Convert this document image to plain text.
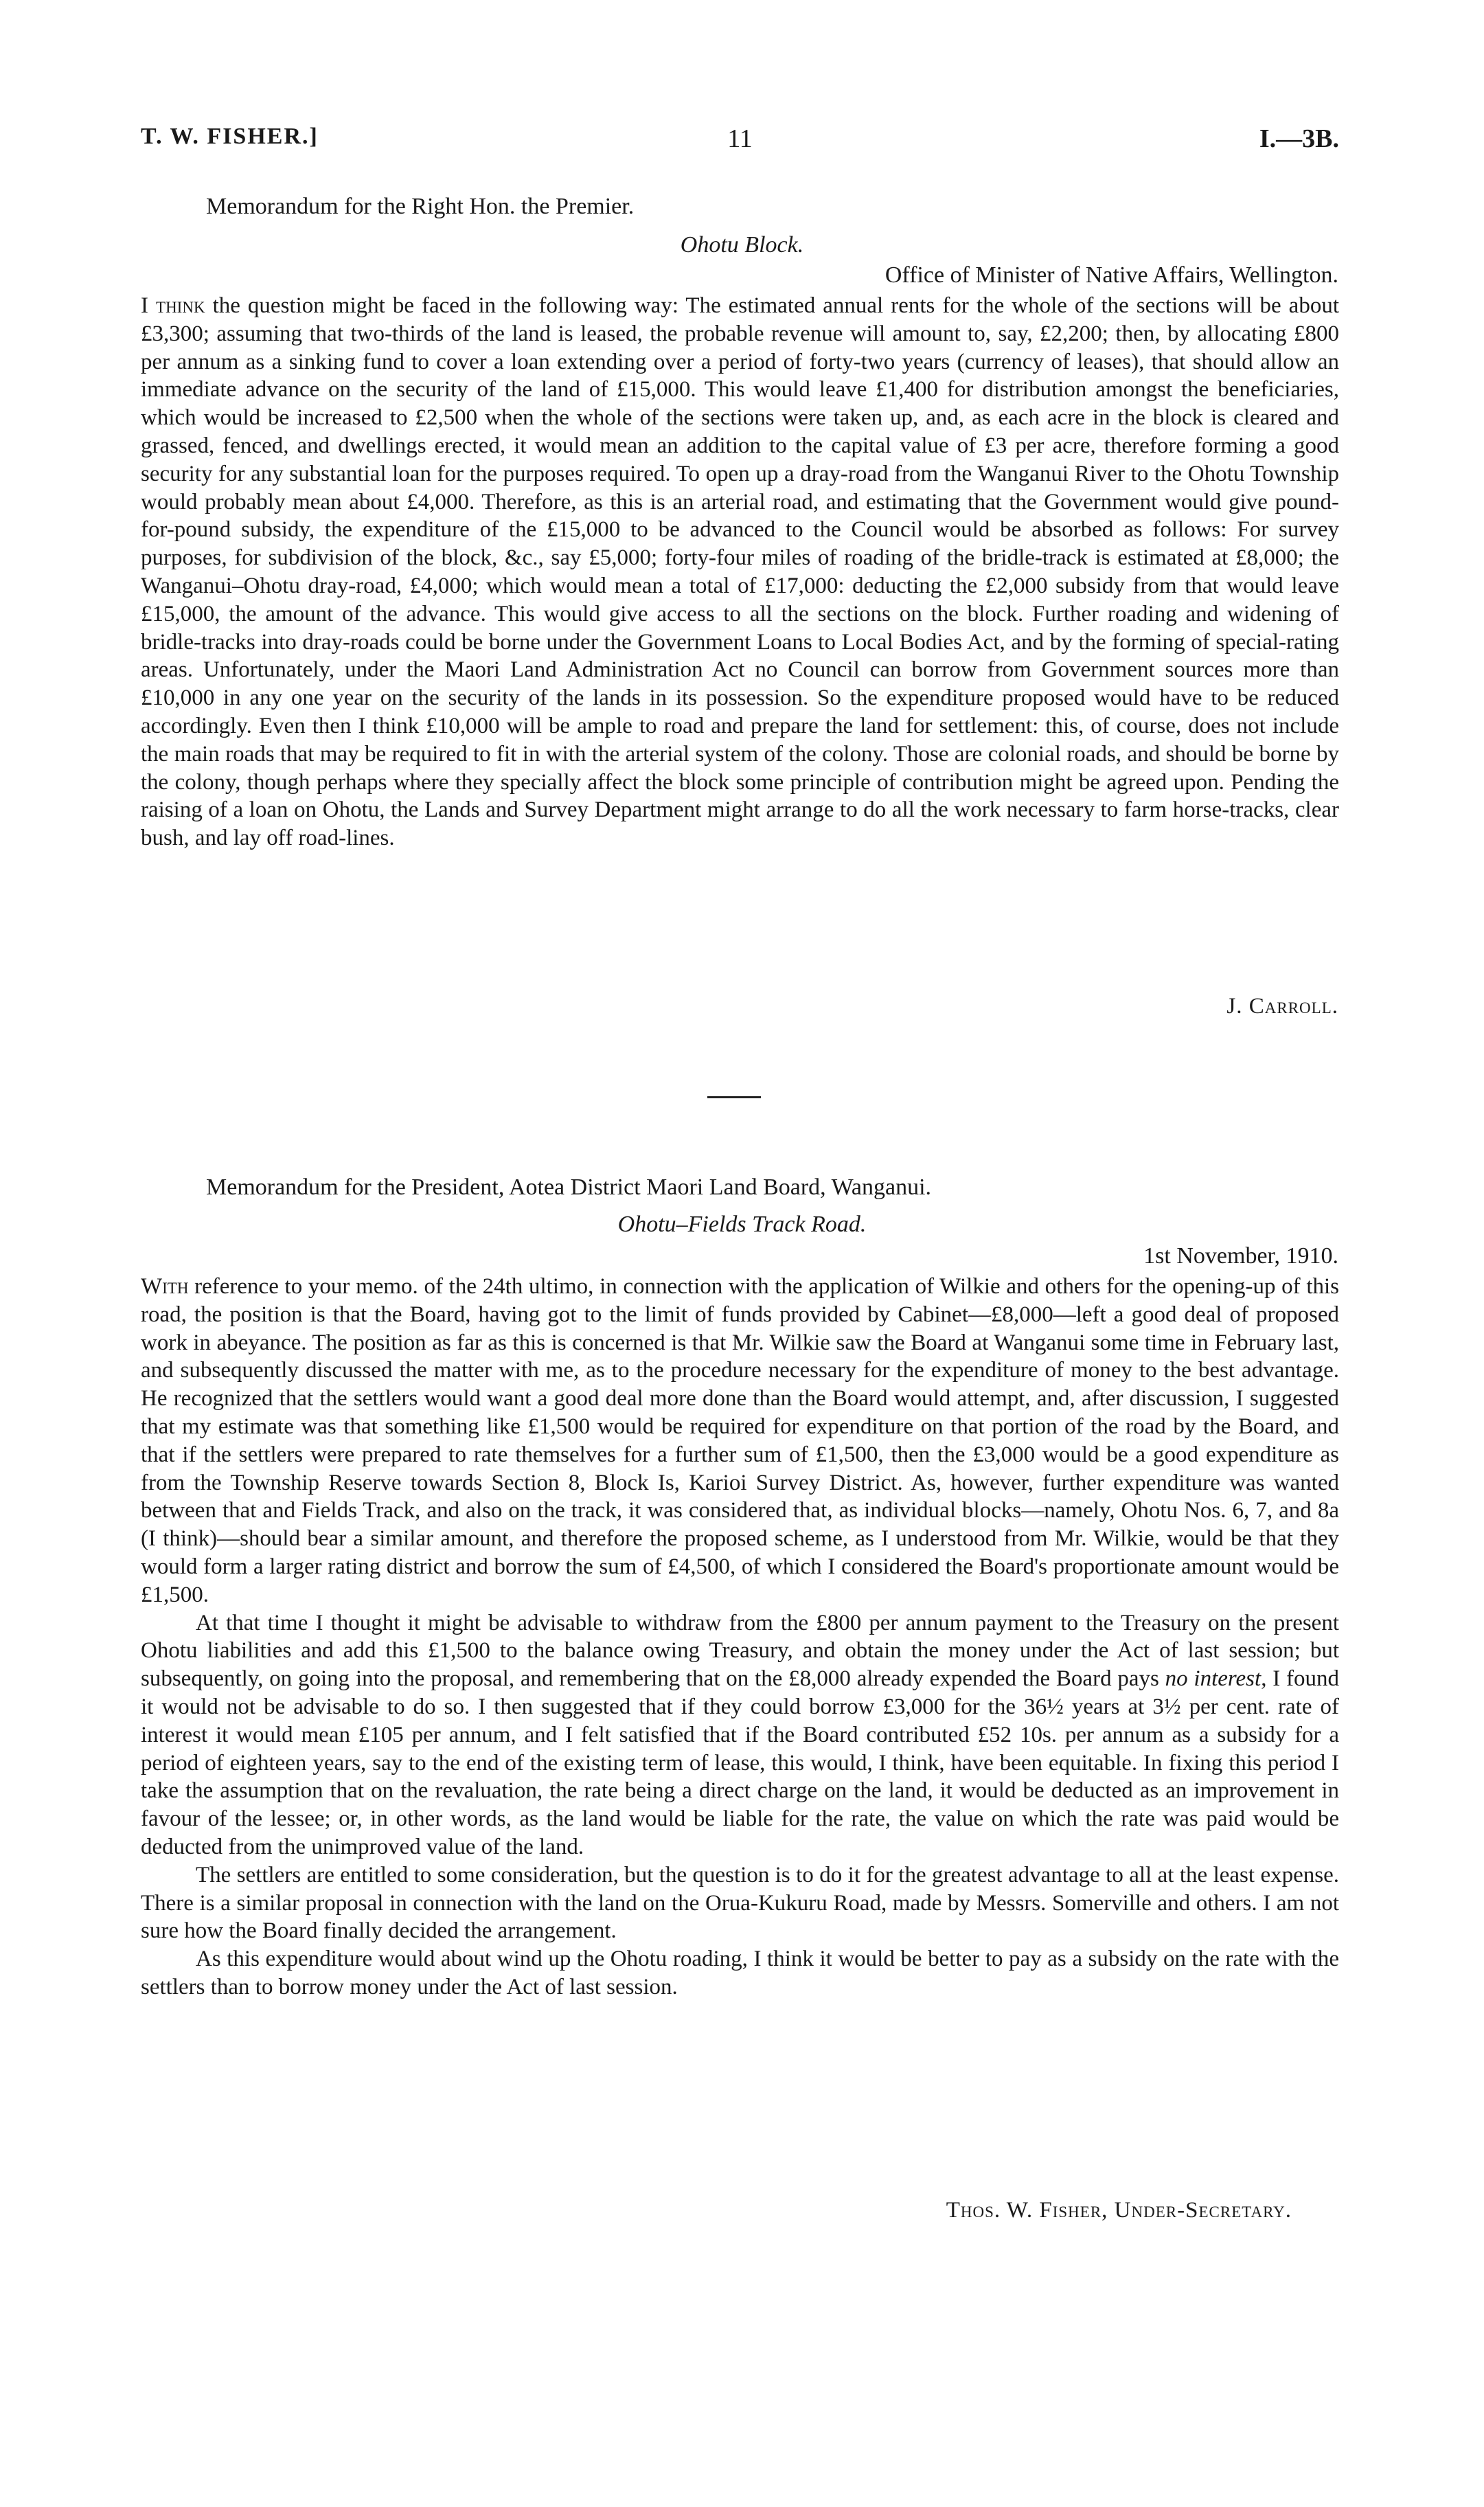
T. W. FISHER.]	11	I.—3B.
Memorandum for the Right Hon. the Premier.
Ohotu Block.
Office of Minister of Native Affairs, Wellington.

I think the question might be faced in the following way: The estimated annual rents for the whole of the sections will be about £3,300; assuming that two-thirds of the land is leased, the probable revenue will amount to, say, £2,200; then, by allocating £800 per annum as a sinking fund to cover a loan extending over a period of forty-two years (currency of leases), that should allow an immediate advance on the security of the land of £15,000. This would leave £1,400 for distribution amongst the beneficiaries, which would be increased to £2,500 when the whole of the sections were taken up, and, as each acre in the block is cleared and grassed, fenced, and dwellings erected, it would mean an addition to the capital value of £3 per acre, therefore forming a good security for any substantial loan for the purposes required. To open up a dray-road from the Wanganui River to the Ohotu Township would probably mean about £4,000. Therefore, as this is an arterial road, and estimating that the Government would give pound-for-pound subsidy, the expenditure of the £15,000 to be advanced to the Council would be absorbed as follows: For survey purposes, for subdivision of the block, &c., say £5,000; forty-four miles of roading of the bridle-track is estimated at £8,000; the Wanganui–Ohotu dray-road, £4,000; which would mean a total of £17,000: deducting the £2,000 subsidy from that would leave £15,000, the amount of the advance. This would give access to all the sections on the block. Further roading and widening of bridle-tracks into dray-roads could be borne under the Government Loans to Local Bodies Act, and by the forming of special-rating areas. Unfortunately, under the Maori Land Administration Act no Council can borrow from Government sources more than £10,000 in any one year on the security of the lands in its possession. So the expenditure proposed would have to be reduced accordingly. Even then I think £10,000 will be ample to road and prepare the land for settlement: this, of course, does not include the main roads that may be required to fit in with the arterial system of the colony. Those are colonial roads, and should be borne by the colony, though perhaps where they specially affect the block some principle of contribution might be agreed upon. Pending the raising of a loan on Ohotu, the Lands and Survey Department might arrange to do all the work necessary to farm horse-tracks, clear bush, and lay off road-lines.

J. Carroll.
Memorandum for the President, Aotea District Maori Land Board, Wanganui.
Ohotu–Fields Track Road.
1st November, 1910.

With reference to your memo. of the 24th ultimo, in connection with the application of Wilkie and others for the opening-up of this road, the position is that the Board, having got to the limit of funds provided by Cabinet—£8,000—left a good deal of proposed work in abeyance. The position as far as this is concerned is that Mr. Wilkie saw the Board at Wanganui some time in February last, and subsequently discussed the matter with me, as to the procedure necessary for the expenditure of money to the best advantage. He recognized that the settlers would want a good deal more done than the Board would attempt, and, after discussion, I suggested that my estimate was that something like £1,500 would be required for expenditure on that portion of the road by the Board, and that if the settlers were prepared to rate themselves for a further sum of £1,500, then the £3,000 would be a good expenditure as from the Township Reserve towards Section 8, Block Is, Karioi Survey District. As, however, further expenditure was wanted between that and Fields Track, and also on the track, it was considered that, as individual blocks—namely, Ohotu Nos. 6, 7, and 8a (I think)—should bear a similar amount, and therefore the proposed scheme, as I understood from Mr. Wilkie, would be that they would form a larger rating district and borrow the sum of £4,500, of which I considered the Board's proportionate amount would be £1,500.

At that time I thought it might be advisable to withdraw from the £800 per annum payment to the Treasury on the present Ohotu liabilities and add this £1,500 to the balance owing Treasury, and obtain the money under the Act of last session; but subsequently, on going into the proposal, and remembering that on the £8,000 already expended the Board pays no interest, I found it would not be advisable to do so. I then suggested that if they could borrow £3,000 for the 36½ years at 3½ per cent. rate of interest it would mean £105 per annum, and I felt satisfied that if the Board contributed £52 10s. per annum as a subsidy for a period of eighteen years, say to the end of the existing term of lease, this would, I think, have been equitable. In fixing this period I take the assumption that on the revaluation, the rate being a direct charge on the land, it would be deducted as an improvement in favour of the lessee; or, in other words, as the land would be liable for the rate, the value on which the rate was paid would be deducted from the unimproved value of the land.

The settlers are entitled to some consideration, but the question is to do it for the greatest advantage to all at the least expense. There is a similar proposal in connection with the land on the Orua-Kukuru Road, made by Messrs. Somerville and others. I am not sure how the Board finally decided the arrangement.

As this expenditure would about wind up the Ohotu roading, I think it would be better to pay as a subsidy on the rate with the settlers than to borrow money under the Act of last session.

Thos. W. Fisher, Under-Secretary.
